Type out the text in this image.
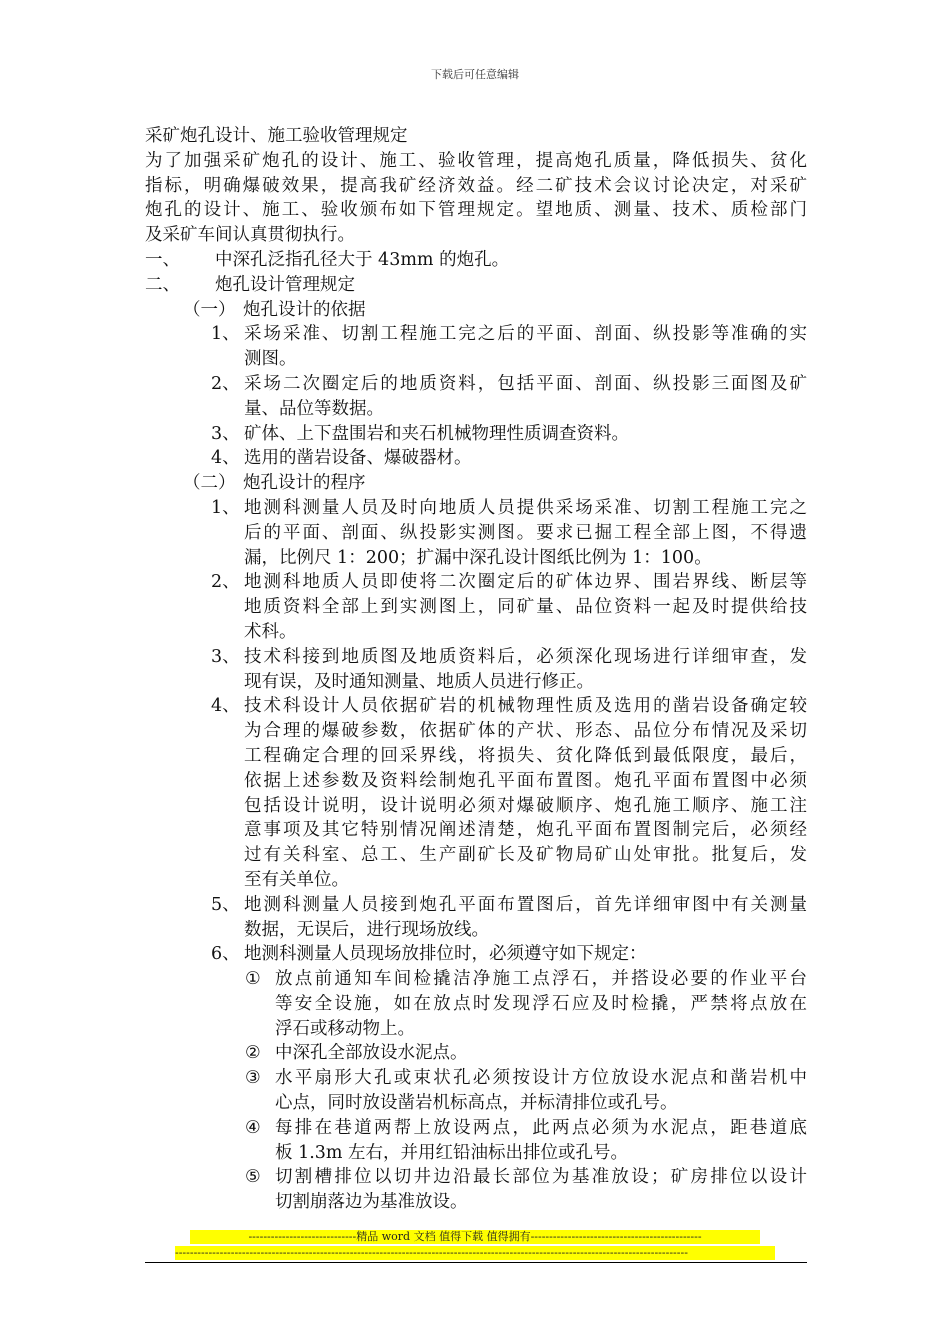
下载后可任意编辑
采矿炮孔设计、施工验收管理规定
为了加强采矿炮孔的设计、施工、验收管理，提高炮孔质量，降低损失、贫化
指标，明确爆破效果，提高我矿经济效益。经二矿技术会议讨论决定，对采矿
炮孔的设计、施工、验收颁布如下管理规定。望地质、测量、技术、质检部门
及采矿车间认真贯彻执行。
一、	中深孔泛指孔径大于 43mm 的炮孔。
二、	炮孔设计管理规定
（一） 炮孔设计的依据
1、 采场采准、切割工程施工完之后的平面、剖面、纵投影等准确的实
测图。
2、 采场二次圈定后的地质资料，包括平面、剖面、纵投影三面图及矿
量、品位等数据。
3、 矿体、上下盘围岩和夹石机械物理性质调查资料。
4、 选用的凿岩设备、爆破器材。
（二） 炮孔设计的程序
1、 地测科测量人员及时向地质人员提供采场采准、切割工程施工完之
后的平面、剖面、纵投影实测图。要求已掘工程全部上图，不得遗
漏，比例尺 1：200；扩漏中深孔设计图纸比例为 1：100。
2、 地测科地质人员即使将二次圈定后的矿体边界、围岩界线、断层等
地质资料全部上到实测图上，同矿量、品位资料一起及时提供给技
术科。
3、 技术科接到地质图及地质资料后，必须深化现场进行详细审查，发
现有误，及时通知测量、地质人员进行修正。
4、 技术科设计人员依据矿岩的机械物理性质及选用的凿岩设备确定较
为合理的爆破参数，依据矿体的产状、形态、品位分布情况及采切
工程确定合理的回采界线，将损失、贫化降低到最低限度，最后，
依据上述参数及资料绘制炮孔平面布置图。炮孔平面布置图中必须
包括设计说明，设计说明必须对爆破顺序、炮孔施工顺序、施工注
意事项及其它特别情况阐述清楚，炮孔平面布置图制完后，必须经
过有关科室、总工、生产副矿长及矿物局矿山处审批。批复后，发
至有关单位。
5、 地测科测量人员接到炮孔平面布置图后，首先详细审图中有关测量
数据，无误后，进行现场放线。
6、 地测科测量人员现场放排位时，必须遵守如下规定：
① 放点前通知车间检撬洁净施工点浮石，并搭设必要的作业平台
等安全设施，如在放点时发现浮石应及时检撬，严禁将点放在
浮石或移动物上。
② 中深孔全部放设水泥点。
③ 水平扇形大孔或束状孔必须按设计方位放设水泥点和凿岩机中
心点，同时放设凿岩机标高点，并标清排位或孔号。
④ 每排在巷道两帮上放设两点，此两点必须为水泥点，距巷道底
板 1.3m 左右，并用红铅油标出排位或孔号。
⑤ 切割槽排位以切井边沿最长部位为基准放设；矿房排位以设计
切割崩落边为基准放设。
-----------------------------精品 word 文档 值得下载 值得拥有----------------------------------------------
------------------------------------------------------------------------------------------------------------------------------------------
